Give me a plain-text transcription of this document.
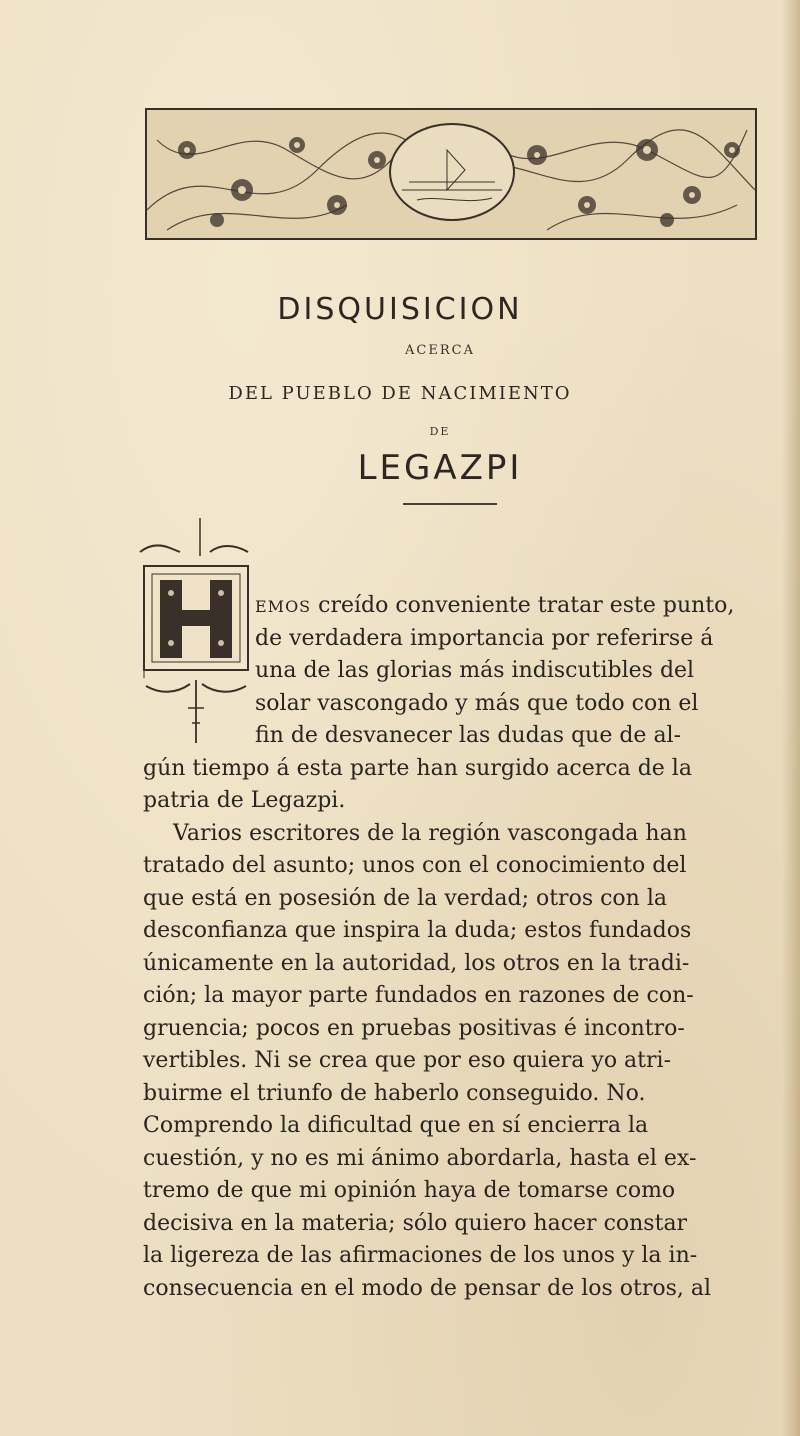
DISQUISICION
ACERCA
DEL PUEBLO DE NACIMIENTO
DE
LEGAZPI
EMOS creído conveniente tratar este punto,
de verdadera importancia por referirse á
una de las glorias más indiscutibles del
solar vascongado y más que todo con el
fin de desvanecer las dudas que de al-
gún tiempo á esta parte han surgido acerca de la
patria de Legazpi.
Varios escritores de la región vascongada han
tratado del asunto; unos con el conocimiento del
que está en posesión de la verdad; otros con la
desconfianza que inspira la duda; estos fundados
únicamente en la autoridad, los otros en la tradi-
ción; la mayor parte fundados en razones de con-
gruencia; pocos en pruebas positivas é incontro-
vertibles. Ni se crea que por eso quiera yo atri-
buirme el triunfo de haberlo conseguido. No.
Comprendo la dificultad que en sí encierra la
cuestión, y no es mi ánimo abordarla, hasta el ex-
tremo de que mi opinión haya de tomarse como
decisiva en la materia; sólo quiero hacer constar
la ligereza de las afirmaciones de los unos y la in-
consecuencia en el modo de pensar de los otros, al
